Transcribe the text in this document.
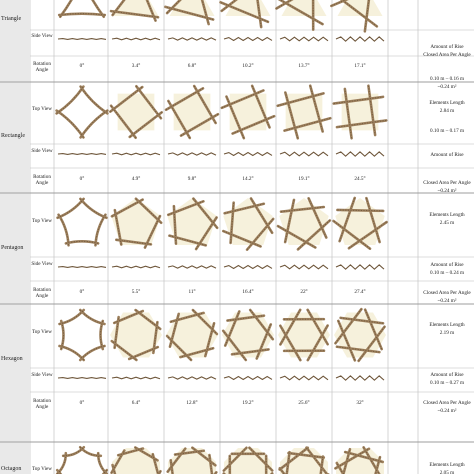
Triangle
Side View
Rotation Angle
0°	3.4°	6.8°	10.2°	13.7°	17.1°
Amount of Rise
0.10 m – 0.16 m
Closed Area Per Angle
~0.24 m²
Rectangle
Top View
Side View
Rotation Angle
0°	4.9°	9.8°	14.2°	19.1°	24.5°
Elements Length
2.84 m
Amount of Rise
0.10 m – 0.17 m
Closed Area Per Angle
~0.24 m²
Pentagon
Top View
Side View
Rotation Angle
0°	5.5°	11°	16.4°	22°	27.4°
Elements Length
2.45 m
Amount of Rise
0.10 m – 0.24 m
Closed Area Per Angle
~0.24 m²
Hexagon
Top View
Side View
Rotation Angle
0°	6.4°	12.8°	19.2°	25.6°	32°
Elements Length
2.19 m
Amount of Rise
0.10 m – 0.27 m
Closed Area Per Angle
~0.24 m²
Octagon	Top View
Elements Length
2.05 m
